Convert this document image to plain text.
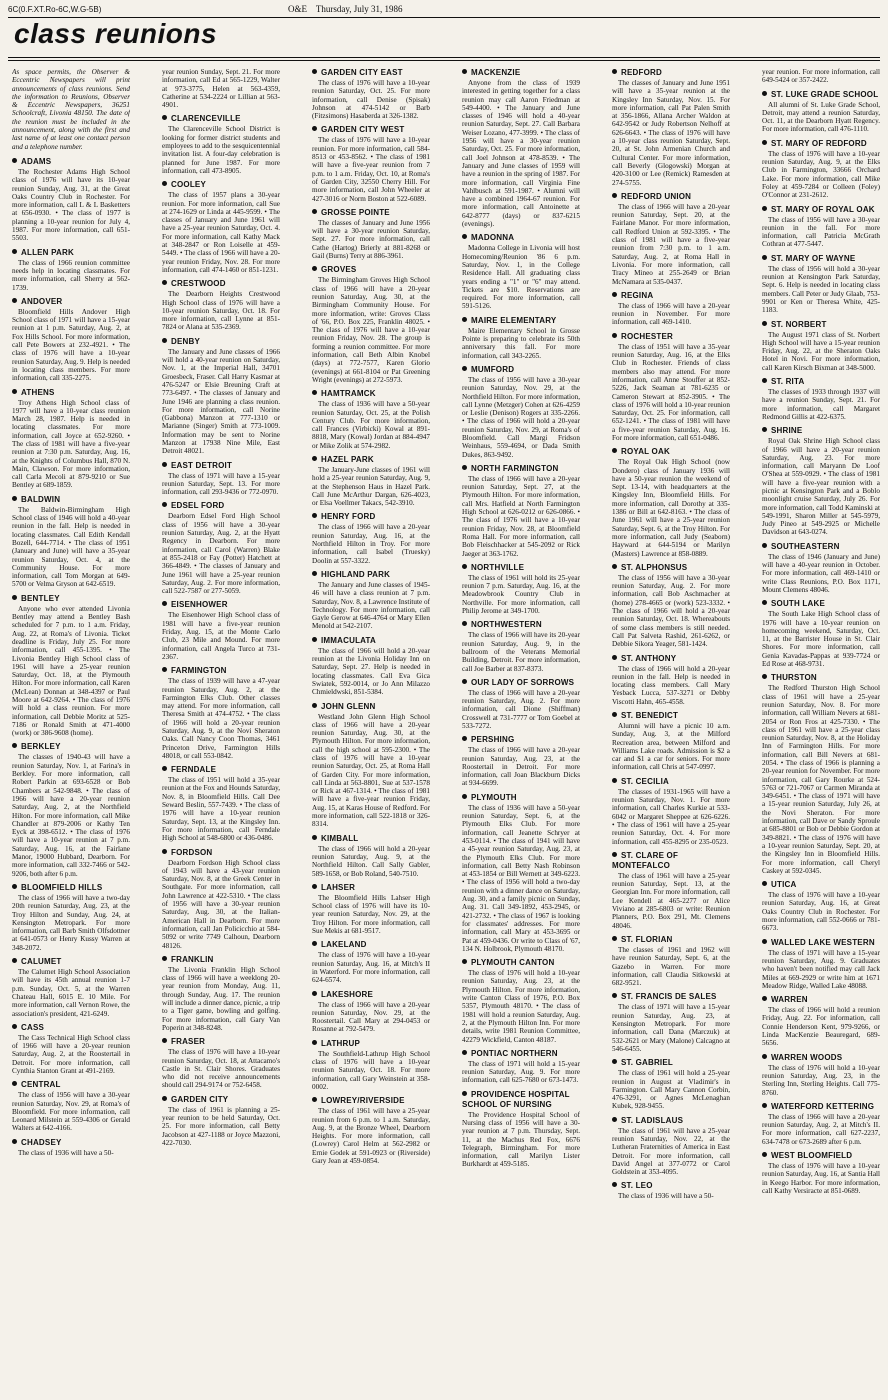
6C(0.F.XT.Ro-6C,W.G-5B)	O&E Thursday, July 31, 1986
class reunions
As space permits, the Observer & Eccentric Newspapers will print announcements of class reunions. Send the information to Reunions, Observer & Eccentric Newspapers, 36251 Schoolcraft, Livonia 48150. The date of the reunion must be included in the announcement, along with the first and last name of at least one contact person and a telephone number.
ADAMS
The Rochester Adams High School class of 1976 will have its 10-year reunion Sunday, Aug. 31, at the Great Oaks Country Club in Rochester. For more information, call L & L Basketters at 656-0930. • The class of 1977 is planning a 10-year reunion for July 4, 1987. For more information, call 651-5503.
ALLEN PARK
The class of 1966 reunion committee needs help in locating classmates. For more information, call Sherry at 562-1739.
ANDOVER
Bloomfield Hills Andover High School class of 1971 will have a 15-year reunion at 1 p.m. Saturday, Aug. 2, at Fox Hills School. For more information, call Pete Bowers at 232-4921. • The class of 1976 will have a 10-year reunion Saturday, Aug. 9. Help is needed in locating class members. For more information, call 335-2275.
ATHENS
Troy Athens High School class of 1977 will have a 10-year class reunion March 28, 1987. Help is needed in locating classmates. For more information, call Joyce at 652-9260. • The class of 1981 will have a five-year reunion at 7:30 p.m. Saturday, Aug. 16, at the Knights of Columbus Hall, 870 N. Main, Clawson. For more information, call Carla Mecoli at 879-9210 or Sue Bentley at 689-1859.
BALDWIN
The Baldwin-Birmingham High School class of 1946 will hold a 40-year reunion in the fall. Help is needed in locating classmates. Call Edith Kendall Bozell, 644-7714. • The class of 1951 (January and June) will have a 35-year reunion Saturday, Oct. 4, at the Community House. For more information, call Tom Morgan at 649-5700 or Velma Gryson at 642-6519.
BENTLEY
Anyone who ever attended Livonia Bentley may attend a Bentley Bash scheduled for 7 p.m. to 1 a.m. Friday, Aug. 22, at Roma's of Livonia. Ticket deadline is Friday, July 25. For more information, call 455-1395. • The Livonia Bentley High School class of 1961 will have a 25-year reunion Saturday, Oct. 18, at the Plymouth Hilton. For more information, call Karen (McLean) Donnan at 348-4397 or Paul Moore at 642-9264. • The class of 1976 will hold a class reunion. For more information, call Debbie Moritz at 525-7186 or Ronald Smith at 471-4000 (work) or 386-9608 (home).
BERKLEY
The classes of 1940-43 will have a reunion Saturday, Nov. 1, at Farina's in Berkley. For more information, call Robert Parkin at 693-6528 or Bob Chambers at 542-9848. • The class of 1966 will have a 20-year reunion Saturday, Aug. 2, at the Northfield Hilton. For more information, call Mike Chandler at 879-2006 or Kathy Ten Eyck at 398-6512. • The class of 1976 will have a 10-year reunion at 7 p.m. Saturday, Aug. 16, at the Fairlane Manor, 19000 Hubbard, Dearborn. For more information, call 332-7466 or 542-9206, both after 6 p.m.
BLOOMFIELD HILLS
The class of 1966 will have a two-day 20th reunion Saturday, Aug. 23, at the Troy Hilton and Sunday, Aug. 24, at Kensington Metropark. For more information, call Barb Smith Olfsdottner at 641-0573 or Henry Kussy Warren at 348-2072.
CALUMET
The Calumet High School Association will have its 45th annual reunion 1-7 p.m. Sunday, Oct. 5, at the Warren Chateau Hall, 6015 E. 10 Mile. For more information, call Vernon Rowe, the association's president, 421-6249.
CASS
The Cass Technical High School class of 1966 will have a 20-year reunion Saturday, Aug. 2, at the Roostertail in Detroit. For more information, call Cynthia Stanton Grant at 491-2169.
CENTRAL
The class of 1956 will have a 30-year reunion Saturday, Nov. 29, at Roma's of Bloomfield. For more information, call Leonard Milstein at 559-4306 or Gerald Walters at 642-4166.
CHADSEY
The class of 1936 will have a 50-
year reunion Sunday, Sept. 21. For more information, call Ed at 565-1229, Walter at 973-3775, Helen at 563-4359, Catherine at 534-2224 or Lillian at 563-4901.
CLARENCEVILLE
The Clarenceville School District is looking for former district students and employees to add to the sesquicentennial invitation list. A four-day celebration is planned for June 1987. For more information, call 473-8905.
COOLEY
The class of 1957 plans a 30-year reunion. For more information, call Sue at 274-1629 or Linda at 445-9599. • The classes of January and June 1961 will have a 25-year reunion Saturday, Oct. 4. For more information, call Kathy Mack at 348-2847 or Ron Loiselle at 459-5449. • The class of 1966 will have a 20-year reunion Friday, Nov. 28. For more information, call 474-1460 or 851-1231.
CRESTWOOD
The Dearborn Heights Crestwood High School class of 1976 will have a 10-year reunion Saturday, Oct. 18. For more information, call Lynne at 851-7824 or Alana at 535-2369.
DENBY
The January and June classes of 1966 will hold a 40-year reunion on Saturday, Nov. 1, at the Imperial Hall, 34701 Groesbeck, Fraser. Call Harry Kasmar at 476-5247 or Elsie Breuning Craft at 773-6497. • The classes of January and June 1946 are planning a class reunion. For more information, call Norine (Gabbona) Manzon at 777-1310 or Marianne (Singer) Smith at 773-1009. Information may be sent to Norine Manzon at 17938 Nine Mile, East Detroit 48021.
EAST DETROIT
The class of 1971 will have a 15-year reunion Saturday, Sept. 13. For more information, call 293-9436 or 772-0970.
EDSEL FORD
Dearborn Edsel Ford High School class of 1956 will have a 30-year reunion Saturday, Aug. 2, at the Hyatt Regency in Dearborn. For more information, call Carol (Warren) Blake at 855-2418 or Fay (Potter) Hatchett at 366-4849. • The classes of January and June 1961 will have a 25-year reunion Saturday, Aug. 2. For more information, call 522-7587 or 277-5059.
EISENHOWER
The Eisenhower High School class of 1981 will have a five-year reunion Friday, Aug. 15, at the Monte Carlo Club, 23 Mile and Mound. For more information, call Angela Turco at 731-2367.
FARMINGTON
The class of 1939 will have a 47-year reunion Saturday, Aug. 2, at the Farmington Elks Club. Other classes may attend. For more information, call Theresa Smith at 474-4752. • The class of 1966 will hold a 20-year reunion Saturday, Aug. 9, at the Novi Sheraton Oaks. Call Nancy Coon Thomas, 3461 Princeton Drive, Farmington Hills 48018, or call 553-0842.
FERNDALE
The class of 1951 will hold a 35-year reunion at the Fox and Hounds Saturday, Nov. 8, in Bloomfield Hills. Call Dee Seward Beslin, 557-7439. • The class of 1976 will have a 10-year reunion Saturday, Sept. 13, at the Kingsley Inn. For more information, call Ferndale High School at 548-6800 or 436-0486.
FORDSON
Dearborn Fordson High School class of 1943 will have a 43-year reunion Saturday, Nov. 8, at the Greek Center in Southgate. For more information, call John Lawrence at 422-5310. • The class of 1956 will have a 30-year reunion Saturday, Aug. 30, at the Italian-American Hall in Dearborn. For more information, call Jan Policicchio at 584-5092 or write 7749 Calhoun, Dearborn 48126.
FRANKLIN
The Livonia Franklin High School class of 1966 will have a weeklong 20-year reunion from Monday, Aug. 11, through Sunday, Aug. 17. The reunion will include a dinner dance, picnic, a trip to a Tiger game, bowling and golfing. For more information, call Gary Van Poperin at 348-8248.
FRASER
The class of 1976 will have a 10-year reunion Saturday, Oct. 18, at Attacamo's Castle in St. Clair Shores. Graduates who did not receive announcements should call 294-9174 or 752-6458.
GARDEN CITY
The class of 1961 is planning a 25-year reunion to be held Saturday, Oct. 25. For more information, call Betty Jacobson at 427-1188 or Joyce Mazzoni, 422-7030.
GARDEN CITY EAST
The class of 1976 will have a 10-year reunion Saturday, Oct. 25. For more information, call Denise (Spisak) Johnson at 474-5142 or Barb (Fitzsimons) Hasaberda at 326-1382.
GARDEN CITY WEST
The class of 1976 will have a 10-year reunion. For more information, call 584-8513 or 453-8562. • The class of 1981 will have a five-year reunion from 7 p.m. to 1 a.m. Friday, Oct. 10, at Roma's of Garden City, 32550 Cherry Hill. For more information, call John Wheeler at 427-3016 or Norm Boston at 522-6089.
GROSSE POINTE
The classes of January and June 1956 will have a 30-year reunion Saturday, Sept. 27. For more information, call Cathe (Hartog) Brierly at 881-8268 or Gail (Burns) Terry at 886-3961.
GROVES
The Birmingham Groves High School class of 1966 will have a 20-year reunion Saturday, Aug. 30, at the Birmingham Community House. For more information, write: Groves Class of '66, P.O. Box 225, Franklin 48025. • The class of 1976 will have a 10-year reunion Friday, Nov. 28. The group is forming a reunion committee. For more information, call Beth Albin Knobel (days) at 772-7577, Karen Glorio (evenings) at 661-8104 or Pat Greening Wright (evenings) at 272-5973.
HAMTRAMCK
The class of 1936 will have a 50-year reunion Saturday, Oct. 25, at the Polish Century Club. For more information, call Frances (Virbicki) Kowal at 891-8818, Mary (Kowal) Jordan at 884-4947 or Mike Zolik at 574-2982.
HAZEL PARK
The January-June classes of 1961 will hold a 25-year reunion Saturday, Aug. 9, at the Stephenson Haus in Hazel Park. Call June McArthur Dargan, 626-4023, or Elsa Voellmer Takacs, 542-3910.
HENRY FORD
The class of 1966 will have a 20-year reunion Saturday, Aug. 16, at the Northfield Hilton in Troy. For more information, call Isabel (Truesky) Doolin at 557-3322.
HIGHLAND PARK
The January and June classes of 1945-46 will have a class reunion at 7 p.m. Saturday, Nov. 8, a Lawrence Institute of Technology. For more information, call Gayle Gerow at 646-4764 or Mary Ellen Menold at 542-2107.
IMMACULATA
The class of 1966 will hold a 20-year reunion at the Livonia Holiday Inn on Saturday, Sept. 27. Help is needed in locating classmates. Call Eva Gica Swiatek, 592-0014, or Jo Ann Milazzo Chmieldwski, 851-5384.
JOHN GLENN
Westland John Glenn High School class of 1966 will have a 20-year reunion Saturday, Aug. 30, at the Plymouth Hilton. For more information, call the high school at 595-2300. • The class of 1976 will have a 10-year reunion Saturday, Oct. 25, at Roma Hall of Garden City. For more information, call Linda at 563-8801, Sue at 537-1578 or Rick at 467-1314. • The class of 1981 will have a five-year reunion Friday, Aug. 15, at Karas House of Redford. For more information, call 522-1818 or 326-8314.
KIMBALL
The class of 1966 will hold a 20-year reunion Saturday, Aug. 9, at the Northfield Hilton. Call Sally Gabler, 589-1658, or Bob Roland, 540-7510.
LAHSER
The Bloomfield Hills Lahser High School class of 1976 will have its 10-year reunion Saturday, Nov. 29, at the Troy Hilton. For more information, call Sue Mekis at 681-9517.
LAKELAND
The class of 1976 will have a 10-year reunion Saturday, Aug. 16, at Mitch's II in Waterford. For more information, call 624-6574.
LAKESHORE
The class of 1966 will have a 20-year reunion Saturday, Nov. 29, at the Roostertail. Call Mary at 294-0453 or Rosanne at 792-5479.
LATHRUP
The Southfield-Lathrup High School class of 1976 will have a 10-year reunion Saturday, Oct. 18. For more information, call Gary Weinstein at 358-0002.
LOWREY/RIVERSIDE
The class of 1961 will have a 25-year reunion from 6 p.m. to 1 a.m. Saturday, Aug. 9, at the Bronze Wheel, Dearborn Heights. For more information, call (Lowrey) Carol Helm at 562-2982 or Ernie Godek at 591-0923 or (Riverside) Gary Jean at 459-0854.
MACKENZIE
Anyone from the class of 1939 interested in getting together for a class reunion may call Aaron Friedman at 549-4400. • The January and June classes of 1946 will hold a 40-year reunion Saturday, Sept. 27. Call Barbara Weiser Lozano, 477-3999. • The class of 1956 will have a 30-year reunion Saturday, Oct. 25. For more information, call Joel Johnson at 478-8539. • The January and June classes of 1959 will have a reunion in the spring of 1987. For more information, call Virginia Fine Vahlbusch at 591-1987. • Alumni will have a combined 1964-67 reunion. For more information, call Antoinette at 642-8777 (days) or 837-6215 (evenings).
MADONNA
Madonna College in Livonia will host Homecoming/Reunion '86 6 p.m. Saturday, Nov. 1, in the College Residence Hall. All graduating class years ending a "1" or "6" may attend. Tickets are $10. Reservations are required. For more information, call 591-5126.
MAIRE ELEMENTARY
Maire Elementary School in Grosse Pointe is preparing to celebrate its 50th anniversary this fall. For more information, call 343-2265.
MUMFORD
The class of 1956 will have a 30-year reunion Saturday, Nov. 29, at the Northfield Hilton. For more information, call Lynne (Metzger) Cohen at 626-4259 or Leslie (Denison) Rogers at 335-2266. • The class of 1966 will hold a 20-year reunion Saturday, Nov. 29, at Roma's of Bloomfield. Call Margi Fridson Weinhaus, 559-4694, or Dada Smith Dukes, 863-9492.
NORTH FARMINGTON
The class of 1966 will have a 20-year reunion Saturday, Sept. 27, at the Plymouth Hilton. For more information, call Mrs. Hatfield at North Farmington High School at 626-0212 or 626-0866. • The class of 1976 will have a 10-year reunion Friday, Nov. 28, at Bloomfield Roma Hall. For more information, call Bob Fleischhacker at 545-2092 or Rick Jaeger at 363-1762.
NORTHVILLE
The class of 1961 will hold its 25-year reunion 7 p.m. Saturday, Aug. 16, at the Meadowbrook Country Club in Northville. For more information, call Philip Jerome at 349-1700.
NORTHWESTERN
The class of 1966 will have its 20-year reunion Saturday, Aug. 9, in the ballroom of the Veterans Memorial Building, Detroit. For more information, call Joe Barber at 837-8373.
OUR LADY OF SORROWS
The class of 1966 will have a 20-year reunion Saturday, Aug. 2. For more information, call Dione (Shiffman) Crosswell at 731-7777 or Tom Goebel at 533-7272.
PERSHING
The class of 1966 will have a 20-year reunion Saturday, Aug. 23, at the Roostertail in Detroit. For more information, call Joan Blackburn Dicks at 934-6699.
PLYMOUTH
The class of 1936 will have a 50-year reunion Saturday, Sept. 6, at the Plymouth Elks Club. For more information, call Jeanette Schryer at 453-0114. • The class of 1941 will have a 45-year reunion Saturday, Aug. 23, at the Plymouth Elks Club. For more information, call Betty Nash Robinson at 453-1854 or Bill Wernett at 349-6223. • The class of 1956 will hold a two-day reunion with a dinner dance on Saturday, Aug. 30, and a family picnic on Sunday, Aug. 31. Call 349-1892, 453-2945, or 421-2732. • The class of 1967 is looking for classmates' addresses. For more information, call Mary at 453-3695 or Pat at 459-0436. Or write to Class of '67, 134 N. Holbrook, Plymouth 48170.
PLYMOUTH CANTON
The class of 1976 will hold a 10-year reunion Saturday, Aug. 23, at the Plymouth Hilton. For more information, write Canton Class of 1976, P.O. Box 5357, Plymouth 48170. • The class of 1981 will hold a reunion Saturday, Aug. 2, at the Plymouth Hilton Inn. For more details, write 1981 Reunion Committee, 42279 Wickfield, Canton 48187.
PONTIAC NORTHERN
The class of 1971 will hold a 15-year reunion Saturday, Aug. 9. For more information, call 625-7680 or 673-1473.
PROVIDENCE HOSPITAL SCHOOL OF NURSING
The Providence Hospital School of Nursing class of 1956 will have a 30-year reunion at 7 p.m. Thursday, Sept. 11, at the Machus Red Fox, 6676 Telegraph, Birmingham. For more information, call Marilyn Lister Burkhardt at 459-5185.
REDFORD
The classes of January and June 1951 will have a 35-year reunion at the Kingsley Inn Saturday, Nov. 15. For more information, call Pat Palen Smith at 356-1866, Allana Archer Waldon at 642-9542 or Judy Robertson Nelhoff at 626-6643. • The class of 1976 will have a 10-year class reunion Saturday, Sept. 20, at St. John Armenian Church and Cultural Center. For more information, call Beverly (Glogowski) Morgan at 420-3100 or Lee (Remick) Ramesden at 274-5755.
REDFORD UNION
The class of 1966 will have a 20-year reunion Saturday, Sept. 20, at the Fairlane Manor. For more information, call Redford Union at 592-3395. • The class of 1981 will have a five-year reunion from 7:30 p.m. to 1 a.m. Saturday, Aug. 2, at Roma Hall in Livonia. For more information, call Tracy Mineo at 255-2649 or Brian McNamara at 535-0437.
REGINA
The class of 1966 will have a 20-year reunion in November. For more information, call 469-1410.
ROCHESTER
The class of 1951 will have a 35-year reunion Saturday, Aug. 16, at the Elks Club in Rochester. Friends of class members also may attend. For more information, call Anne Stouffer at 852-5226, Jack Seaman at 781-6235 or Cameron Stewart at 852-3905. • The class of 1976 will hold a 10-year reunion Saturday, Oct. 25. For information, call 652-1241. • The class of 1981 will have a five-year reunion Saturday, Aug. 16. For more information, call 651-0486.
ROYAL OAK
The Royal Oak High School (now Dondero) class of January 1936 will have a 50-year reunion the weekend of Sept. 13-14, with headquarters at the Kingsley Inn, Bloomfield Hills. For more information, call Dorothy at 335-1386 or Bill at 642-8163. • The class of June 1961 will have a 25-year reunion Saturday, Sept. 6, at the Troy Hilton. For more information, call Judy (Seaborn) Hayward at 644-5194 or Marilyn (Masters) Lawrence at 858-0889.
ST. ALPHONSUS
The class of 1956 will have a 30-year reunion Saturday, Aug. 2. For more information, call Bob Aschmacher at (home) 278-4665 or (work) 523-3332. • The class of 1966 will hold a 20-year reunion Saturday, Oct. 18. Whereabouts of some class members is still needed. Call Pat Salveta Rashid, 261-6262, or Debbie Sikora Yeager, 581-1424.
ST. ANTHONY
The class of 1966 will hold a 20-year reunion in the fall. Help is needed in locating class members. Call Mary Yesback Lucca, 537-3271 or Debby Viscotti Hahn, 465-4558.
ST. BENEDICT
Alumni will have a picnic 10 a.m. Sunday, Aug. 3, at the Milford Recreation area, between Milford and Williams Lake roads. Admission is $2 a car and $1 a car for seniors. For more information, call Chris at 547-0997.
ST. CECILIA
The classes of 1931-1965 will have a reunion Saturday, Nov. 1. For more information, call Charles Kurkie at 533-6042 or Margaret Sheppee at 626-6226. • The class of 1961 will have a 25-year reunion Saturday, Oct. 4. For more information, call 455-8295 or 235-0523.
ST. CLARE OF MONTEFALCO
The class of 1961 will have a 25-year reunion Saturday, Sept. 13, at the Georgian Inn. For more information, call Lee Kendell at 465-2277 or Alice Viviano at 285-6803 or write: Reunion Planners, P.O. Box 291, Mt. Clemens 48046.
ST. FLORIAN
The classes of 1961 and 1962 will have reunion Saturday, Sept. 6, at the Gazebo in Warren. For more information, call Claudia Sitkowski at 682-9521.
ST. FRANCIS DE SALES
The class of 1971 will have a 15-year reunion Saturday, Aug. 23, at Kensington Metropark. For more information, call Dana (Marczuk) at 532-2621 or Mary (Malone) Calcagno at 546-6455.
ST. GABRIEL
The class of 1961 will hold a 25-year reunion in August at Vladimir's in Farmington. Call Mary Cannon Corbin, 476-3291, or Agnes McLenaghan Kubek, 928-9455.
ST. LADISLAUS
The class of 1961 will have a 25-year reunion Saturday, Nov. 22, at the Lutheran Fraternities of America in East Detroit. For more information, call David Angel at 377-0772 or Carol Goldstein at 353-4095.
ST. LEO
The class of 1936 will have a 50-
year reunion. For more information, call 649-5424 or 357-2422.
ST. LUKE GRADE SCHOOL
All alumni of St. Luke Grade School, Detroit, may attend a reunion Saturday, Oct. 11, at the Dearborn Hyatt Regency. For more information, call 476-1110.
ST. MARY OF REDFORD
The class of 1976 will have a 10-year reunion Saturday, Aug. 9, at the Elks Club in Farmington, 33666 Orchard Lake. For more information, call Mike Foley at 459-7284 or Colleen (Foley) O'Connor at 231-2612.
ST. MARY OF ROYAL OAK
The class of 1956 will have a 30-year reunion in the fall. For more information, call Patricia McGrath Cothran at 477-5447.
ST. MARY OF WAYNE
The class of 1956 will hold a 30-year reunion at Kensington Park Saturday, Sept. 6. Help is needed in locating class members. Call Peter or Judy Glaab, 753-9901 or Ken or Theresa White, 425-1183.
ST. NORBERT
The August 1971 class of St. Norbert High School will have a 15-year reunion Friday, Aug. 22, at the Sheraton Oaks Hotel in Novi. For more information, call Karen Kirsch Bixman at 348-5000.
ST. RITA
The classes of 1933 through 1937 will have a reunion Sunday, Sept. 21. For more information, call Margaret Redmond Gillis at 422-6375.
SHRINE
Royal Oak Shrine High School class of 1966 will have a 20-year reunion Saturday, Aug. 23. For more information, call Maryann De Loof O'Shea at 559-0929. • The class of 1981 will have a five-year reunion with a picnic at Kensington Park and a Boblo moonlight cruise Saturday, July 26. For more information, call Todd Kaminski at 549-1991, Sharon Miller at 545-5979, Judy Pineo at 549-2925 or Michelle Davidson at 643-0274.
SOUTHEASTERN
The class of 1946 (January and June) will have a 40-year reunion in October. For more information, call 469-1410 or write Class Reunions, P.O. Box 1171, Mount Clemens 48046.
SOUTH LAKE
The South Lake High School class of 1976 will have a 10-year reunion on homecoming weekend, Saturday, Oct. 11, at the Barrister House in St. Clair Shores. For more information, call Genia Kavadas-Pappas at 939-7724 or Ed Rose at 468-9731.
THURSTON
The Redford Thurston High School class of 1961 will have a 25-year reunion Saturday, Nov. 8. For more information, call William Nevers at 681-2054 or Ron Fros at 425-7330. • The class of 1961 will have a 25-year class reunion Saturday, Nov. 8, at the Holiday Inn of Farmington Hills. For more information, call Bill Nevers at 681-2054. • The class of 1966 is planning a 20-year reunion for November. For more information, call Gary Rourke at 524-5763 or 721-7067 or Carmen Miranda at 349-6451. • The class of 1971 will have a 15-year reunion Saturday, July 26, at the Novi Sheraton. For more information, call Dave or Sandy Sproule at 685-8801 or Bob or Debbie Gordon at 349-8821. • The class of 1976 will have a 10-year reunion Saturday, Sept. 20, at the Kingsley Inn in Bloomfield Hills. For more information, call Cheryl Caskey at 592-0345.
UTICA
The class of 1976 will have a 10-year reunion Saturday, Aug. 16, at Great Oaks Country Club in Rochester. For more information, call 552-0666 or 781-6673.
WALLED LAKE WESTERN
The class of 1971 will have a 15-year reunion Saturday, Aug. 9. Graduates who haven't been notified may call Jack Miles at 669-2929 or write him at 1671 Meadow Ridge, Walled Lake 48088.
WARREN
The class of 1966 will hold a reunion Friday, Aug. 22. For information, call Connie Henderson Kent, 979-9266, or Linda MacKenzie Beauregard, 689-5656.
WARREN WOODS
The class of 1976 will hold a 10-year reunion Saturday, Aug. 23, in the Sterling Inn, Sterling Heights. Call 775-8760.
WATERFORD KETTERING
The class of 1966 will have a 20-year reunion Saturday, Aug. 2, at Mitch's II. For more information, call 627-2237, 634-7478 or 673-2689 after 6 p.m.
WEST BLOOMFIELD
The class of 1976 will have a 10-year reunion Saturday, Aug. 16, at Santia Hall in Keego Harbor. For more information, call Kathy Versiracte at 851-0689.
